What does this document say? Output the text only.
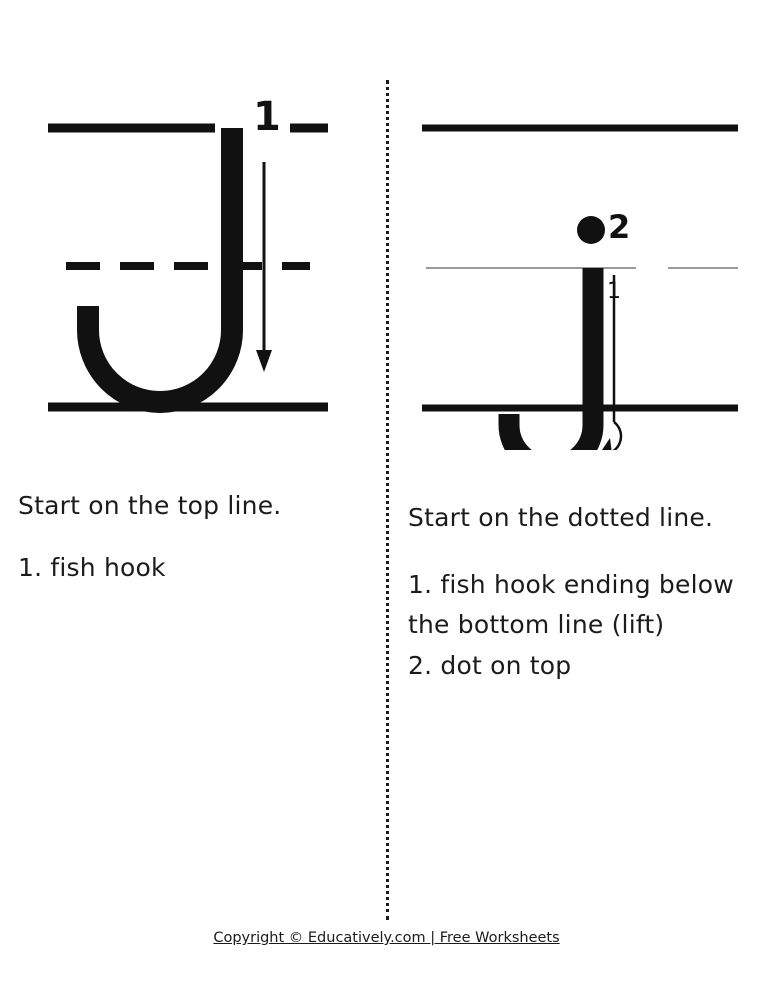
1
Start on the top line.
1. fish hook
2
1
Start on the dotted line.
1. fish hook ending below the bottom line (lift)
2. dot on top
Copyright © Educatively.com | Free Worksheets
